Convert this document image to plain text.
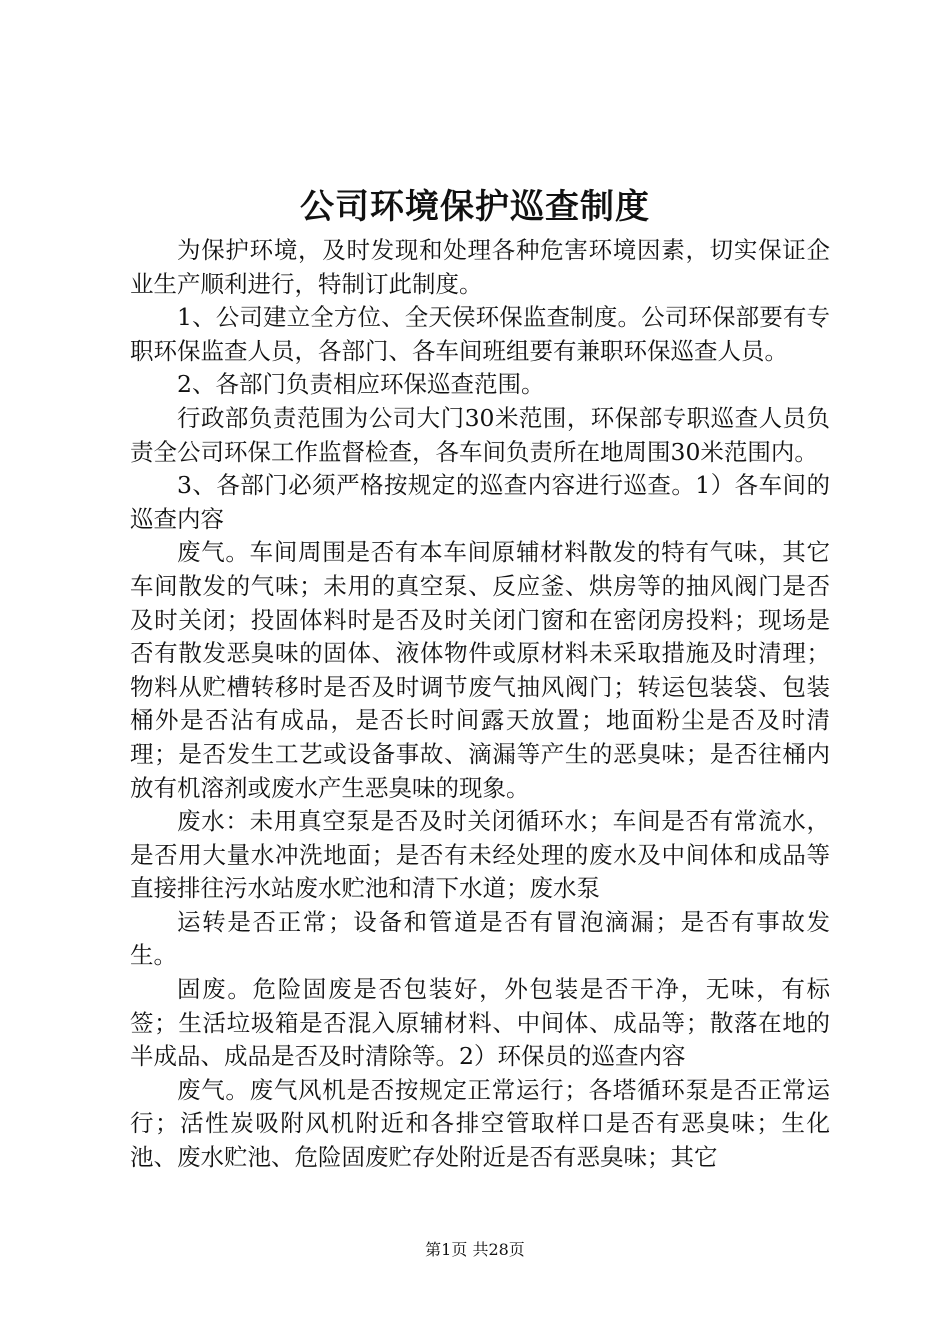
公司环境保护巡查制度

为保护环境，及时发现和处理各种危害环境因素，切实保证企业生产顺利进行，特制订此制度。

1、公司建立全方位、全天侯环保监查制度。公司环保部要有专职环保监查人员，各部门、各车间班组要有兼职环保巡查人员。

2、各部门负责相应环保巡查范围。

行政部负责范围为公司大门30米范围，环保部专职巡查人员负责全公司环保工作监督检查，各车间负责所在地周围30米范围内。

3、各部门必须严格按规定的巡查内容进行巡查。1）各车间的巡查内容

废气。车间周围是否有本车间原辅材料散发的特有气味，其它车间散发的气味；未用的真空泵、反应釜、烘房等的抽风阀门是否及时关闭；投固体料时是否及时关闭门窗和在密闭房投料；现场是否有散发恶臭味的固体、液体物件或原材料未采取措施及时清理；物料从贮槽转移时是否及时调节废气抽风阀门；转运包装袋、包装桶外是否沾有成品，是否长时间露天放置；地面粉尘是否及时清理；是否发生工艺或设备事故、滴漏等产生的恶臭味；是否往桶内放有机溶剂或废水产生恶臭味的现象。

废水：未用真空泵是否及时关闭循环水；车间是否有常流水，是否用大量水冲洗地面；是否有未经处理的废水及中间体和成品等直接排往污水站废水贮池和清下水道；废水泵

运转是否正常；设备和管道是否有冒泡滴漏；是否有事故发生。

固废。危险固废是否包装好，外包装是否干净，无味，有标签；生活垃圾箱是否混入原辅材料、中间体、成品等；散落在地的半成品、成品是否及时清除等。2）环保员的巡查内容

废气。废气风机是否按规定正常运行；各塔循环泵是否正常运行；活性炭吸附风机附近和各排空管取样口是否有恶臭味；生化池、废水贮池、危险固废贮存处附近是否有恶臭味；其它

第1页 共28页
